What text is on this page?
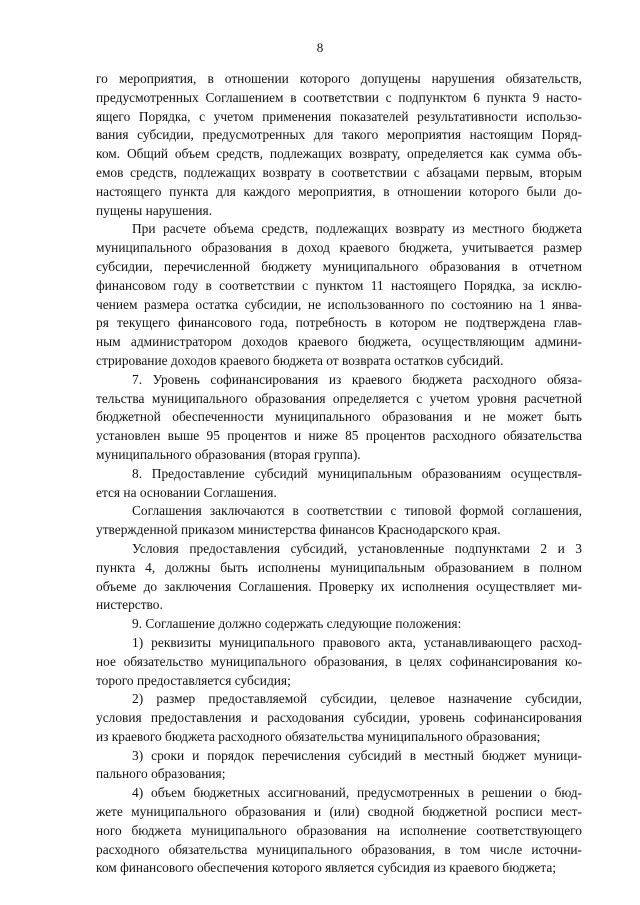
8
го мероприятия, в отношении которого допущены нарушения обязательств,
предусмотренных Соглашением в соответствии с подпунктом 6 пункта 9 насто-
ящего Порядка, с учетом применения показателей результативности использо-
вания субсидии, предусмотренных для такого мероприятия настоящим Поряд-
ком. Общий объем средств, подлежащих возврату, определяется как сумма объ-
емов средств, подлежащих возврату в соответствии с абзацами первым, вторым
настоящего пункта для каждого мероприятия, в отношении которого были до-
пущены нарушения.
При расчете объема средств, подлежащих возврату из местного бюджета
муниципального образования в доход краевого бюджета, учитывается размер
субсидии, перечисленной бюджету муниципального образования в отчетном
финансовом году в соответствии с пунктом 11 настоящего Порядка, за исклю-
чением размера остатка субсидии, не использованного по состоянию на 1 янва-
ря текущего финансового года, потребность в котором не подтверждена глав-
ным администратором доходов краевого бюджета, осуществляющим админи-
стрирование доходов краевого бюджета от возврата остатков субсидий.
7. Уровень софинансирования из краевого бюджета расходного обяза-
тельства муниципального образования определяется с учетом уровня расчетной
бюджетной обеспеченности муниципального образования и не может быть
установлен выше 95 процентов и ниже 85 процентов расходного обязательства
муниципального образования (вторая группа).
8. Предоставление субсидий муниципальным образованиям осуществля-
ется на основании Соглашения.
Соглашения заключаются в соответствии с типовой формой соглашения,
утвержденной приказом министерства финансов Краснодарского края.
Условия предоставления субсидий, установленные подпунктами 2 и 3
пункта 4, должны быть исполнены муниципальным образованием в полном
объеме до заключения Соглашения. Проверку их исполнения осуществляет ми-
нистерство.
9. Соглашение должно содержать следующие положения:
1) реквизиты муниципального правового акта, устанавливающего расход-
ное обязательство муниципального образования, в целях софинансирования ко-
торого предоставляется субсидия;
2) размер предоставляемой субсидии, целевое назначение субсидии,
условия предоставления и расходования субсидии, уровень софинансирования
из краевого бюджета расходного обязательства муниципального образования;
3) сроки и порядок перечисления субсидий в местный бюджет муници-
пального образования;
4) объем бюджетных ассигнований, предусмотренных в решении о бюд-
жете муниципального образования и (или) сводной бюджетной росписи мест-
ного бюджета муниципального образования на исполнение соответствующего
расходного обязательства муниципального образования, в том числе источни-
ком финансового обеспечения которого является субсидия из краевого бюджета;
